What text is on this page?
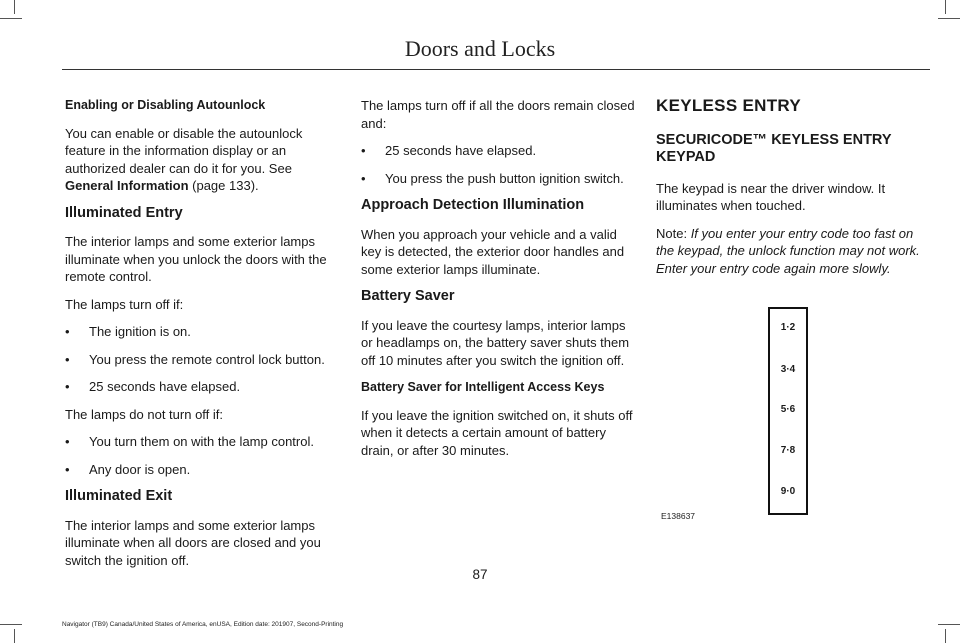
Doors and Locks
Enabling or Disabling Autounlock

You can enable or disable the autounlock feature in the information display or an authorized dealer can do it for you. See General Information (page 133).

Illuminated Entry

The interior lamps and some exterior lamps illuminate when you unlock the doors with the remote control.

The lamps turn off if:

• The ignition is on.
• You press the remote control lock button.
• 25 seconds have elapsed.

The lamps do not turn off if:

• You turn them on with the lamp control.
• Any door is open.
Illuminated Exit

The interior lamps and some exterior lamps illuminate when all doors are closed and you switch the ignition off.

The lamps turn off if all the doors remain closed and:

• 25 seconds have elapsed.
• You press the push button ignition switch.
Approach Detection Illumination

When you approach your vehicle and a valid key is detected, the exterior door handles and some exterior lamps illuminate.

Battery Saver

If you leave the courtesy lamps, interior lamps or headlamps on, the battery saver shuts them off 10 minutes after you switch the ignition off.

Battery Saver for Intelligent Access Keys

If you leave the ignition switched on, it shuts off when it detects a certain amount of battery drain, or after 30 minutes.

KEYLESS ENTRY
SECURICODE™ KEYLESS ENTRY KEYPAD

The keypad is near the driver window. It illuminates when touched.

Note: If you enter your entry code too fast on the keypad, the unlock function may not work. Enter your entry code again more slowly.

1·2
3·4
5·6
7·8
9·0
E138637
87
Navigator (TB9) Canada/United States of America, enUSA, Edition date: 201907, Second-Printing
